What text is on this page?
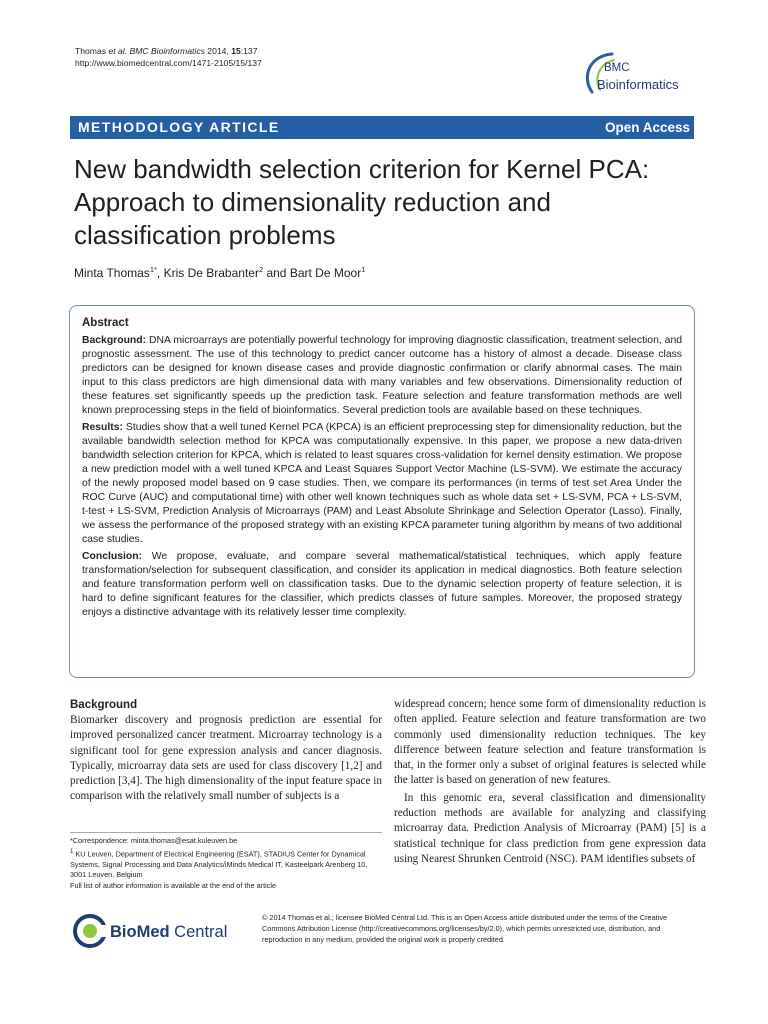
Thomas et al. BMC Bioinformatics 2014, 15:137
http://www.biomedcentral.com/1471-2105/15/137	BMC
Bioinformatics
METHODOLOGY ARTICLE	Open Access
New bandwidth selection criterion for Kernel PCA: Approach to dimensionality reduction and classification problems
Minta Thomas$^{1*}$, Kris De Brabanter$^2$ and Bart De Moor$^1$
Abstract

Background: DNA microarrays are potentially powerful technology for improving diagnostic classification, treatment selection, and prognostic assessment. The use of this technology to predict cancer outcome has a history of almost a decade. Disease class predictors can be designed for known disease cases and provide diagnostic confirmation or clarify abnormal cases. The main input to this class predictors are high dimensional data with many variables and few observations. Dimensionality reduction of these features set significantly speeds up the prediction task. Feature selection and feature transformation methods are well known preprocessing steps in the field of bioinformatics. Several prediction tools are available based on these techniques.

Results: Studies show that a well tuned Kernel PCA (KPCA) is an efficient preprocessing step for dimensionality reduction, but the available bandwidth selection method for KPCA was computationally expensive. In this paper, we propose a new data-driven bandwidth selection criterion for KPCA, which is related to least squares cross-validation for kernel density estimation. We propose a new prediction model with a well tuned KPCA and Least Squares Support Vector Machine (LS-SVM). We estimate the accuracy of the newly proposed model based on 9 case studies. Then, we compare its performances (in terms of test set Area Under the ROC Curve (AUC) and computational time) with other well known techniques such as whole data set + LS-SVM, PCA + LS-SVM, t-test + LS-SVM, Prediction Analysis of Microarrays (PAM) and Least Absolute Shrinkage and Selection Operator (Lasso). Finally, we assess the performance of the proposed strategy with an existing KPCA parameter tuning algorithm by means of two additional case studies.

Conclusion: We propose, evaluate, and compare several mathematical/statistical techniques, which apply feature transformation/selection for subsequent classification, and consider its application in medical diagnostics. Both feature selection and feature transformation perform well on classification tasks. Due to the dynamic selection property of feature selection, it is hard to define significant features for the classifier, which predicts classes of future samples. Moreover, the proposed strategy enjoys a distinctive advantage with its relatively lesser time complexity.

Background

Biomarker discovery and prognosis prediction are essential for improved personalized cancer treatment. Microarray technology is a significant tool for gene expression analysis and cancer diagnosis. Typically, microarray data sets are used for class discovery [1,2] and prediction [3,4]. The high dimensionality of the input feature space in comparison with the relatively small number of subjects is a

widespread concern; hence some form of dimensionality reduction is often applied. Feature selection and feature transformation are two commonly used dimensionality reduction techniques. The key difference between feature selection and feature transformation is that, in the former only a subset of original features is selected while the latter is based on generation of new features.

In this genomic era, several classification and dimensionality reduction methods are available for analyzing and classifying microarray data. Prediction Analysis of Microarray (PAM) [5] is a statistical technique for class prediction from gene expression data using Nearest Shrunken Centroid (NSC). PAM identifies subsets of

*Correspondence: minta.thomas@esat.kuleuven.be
$^1$ KU Leuven, Department of Electrical Engineering (ESAT), STADIUS Center for Dynamical Systems, Signal Processing and Data Analytics/iMinds Medical IT, Kasteelpark Arenberg 10, 3001 Leuven, Belgium
Full list of author information is available at the end of the article
BioMed Central
© 2014 Thomas et al.; licensee BioMed Central Ltd. This is an Open Access article distributed under the terms of the Creative Commons Attribution License (http://creativecommons.org/licenses/by/2.0), which permits unrestricted use, distribution, and reproduction in any medium, provided the original work is properly credited.
